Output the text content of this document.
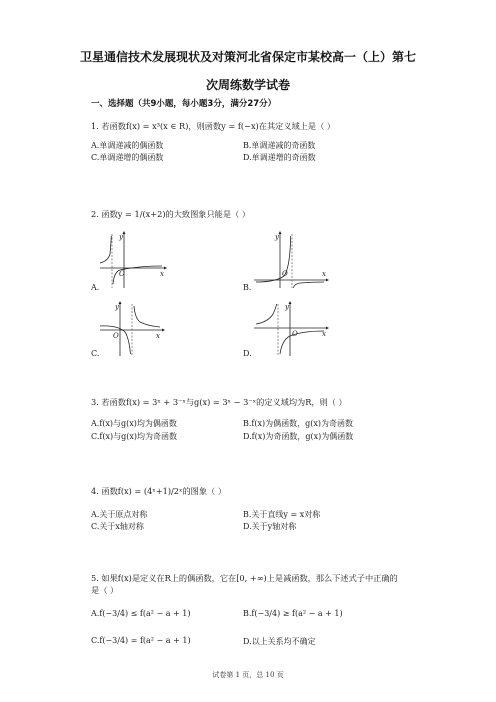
卫星通信技术发展现状及对策河北省保定市某校高一（上）第七
次周练数学试卷
一、选择题（共9小题，每小题3分，满分27分）
1. 若函数f(x) = x³(x ∈ R)，则函数y = f(−x)在其定义域上是（ ）
A.单调递减的偶函数	B.单调递减的奇函数
C.单调递增的偶函数	D.单调递增的奇函数
2. 函数y = 1/(x+2)的大致图象只能是（ ）
y
x
O
A.
y
x
O
B.
y
x
O
C.
y
x
O
D.
3. 若函数f(x) = 3ˣ + 3⁻ˣ与g(x) = 3ˣ − 3⁻ˣ的定义域均为R，则（ ）
A.f(x)与g(x)均为偶函数	B.f(x)为偶函数，g(x)为奇函数
C.f(x)与g(x)均为奇函数	D.f(x)为奇函数，g(x)为偶函数
4. 函数f(x) = (4ˣ+1)/2ˣ的图象（ ）
A.关于原点对称	B.关于直线y = x对称
C.关于x轴对称	D.关于y轴对称
5. 如果f(x)是定义在R上的偶函数，它在[0, +∞)上是减函数，那么下述式子中正确的
是（ ）
A.f(−3/4) ≤ f(a² − a + 1)	B.f(−3/4) ≥ f(a² − a + 1)
C.f(−3/4) = f(a² − a + 1)	D.以上关系均不确定
试卷第 1 页，总 10 页
